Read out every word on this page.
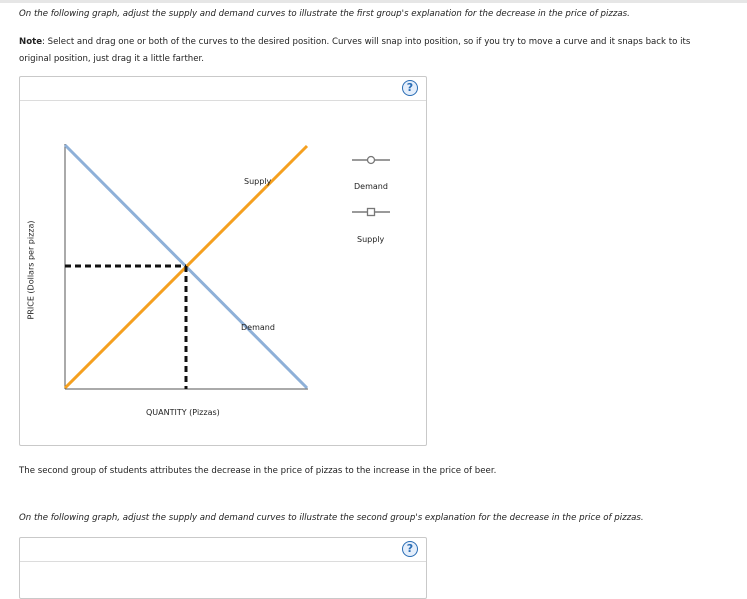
On the following graph, adjust the supply and demand curves to illustrate the first group's explanation for the decrease in the price of pizzas.
Note: Select and drag one or both of the curves to the desired position. Curves will snap into position, so if you try to move a curve and it snaps back to its original position, just drag it a little farther.
?
PRICE (Dollars per pizza)
QUANTITY (Pizzas)
Supply
Demand
Demand
Supply
The second group of students attributes the decrease in the price of pizzas to the increase in the price of beer.
On the following graph, adjust the supply and demand curves to illustrate the second group's explanation for the decrease in the price of pizzas.
?
